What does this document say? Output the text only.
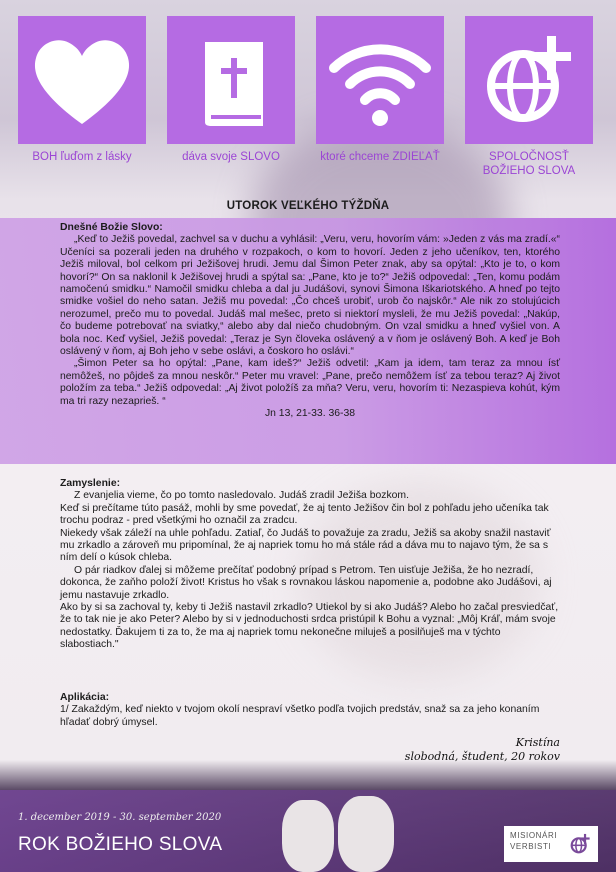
BOH ľuďom z lásky	dáva svoje SLOVO	ktoré chceme ZDIEĽAŤ	SPOLOČNOSŤ
BOŽIEHO SLOVA
UTOROK VEĽKÉHO TÝŽDŇA

Dnešné Božie Slovo:

„Keď to Ježiš povedal, zachvel sa v duchu a vyhlásil: „Veru, veru, hovorím vám: »Jeden z vás ma zradí.«“ Učeníci sa pozerali jeden na druhého v rozpakoch, o kom to hovorí. Jeden z jeho učeníkov, ten, ktorého Ježiš miloval, bol celkom pri Ježišovej hrudi. Jemu dal Šimon Peter znak, aby sa opýtal: „Kto je to, o kom hovorí?“ On sa naklonil k Ježišovej hrudi a spýtal sa: „Pane, kto je to?“ Ježiš odpovedal: „Ten, komu podám namočenú smidku.“ Namočil smidku chleba a dal ju Judášovi, synovi Šimona Iškariotského. A hneď po tejto smidke vošiel do neho satan. Ježiš mu povedal: „Čo chceš urobiť, urob čo najskôr.“ Ale nik zo stolujúcich nerozumel, prečo mu to povedal. Judáš mal mešec, preto si niektorí mysleli, že mu Ježiš povedal: „Nakúp, čo budeme potrebovať na sviatky,“ alebo aby dal niečo chudobným. On vzal smidku a hneď vyšiel von. A bola noc. Keď vyšiel, Ježiš povedal: „Teraz je Syn človeka oslávený a v ňom je oslávený Boh. A keď je Boh oslávený v ňom, aj Boh jeho v sebe oslávi, a čoskoro ho oslávi.“

„Šimon Peter sa ho opýtal: „Pane, kam ideš?“ Ježiš odvetil: „Kam ja idem, tam teraz za mnou ísť nemôžeš, no pôjdeš za mnou neskôr.“ Peter mu vravel: „Pane, prečo nemôžem ísť za tebou teraz? Aj život položím za teba.“ Ježiš odpovedal: „Aj život položíš za mňa? Veru, veru, hovorím ti: Nezaspieva kohút, kým ma tri razy nezaprieš. “

Jn 13, 21-33. 36-38

Zamyslenie:

Z evanjelia vieme, čo po tomto nasledovalo. Judáš zradil Ježiša bozkom.

Keď si prečítame túto pasáž, mohli by sme povedať, že aj tento Ježišov čin bol z pohľadu jeho učeníka tak trochu podraz - pred všetkými ho označil za zradcu.

Niekedy však záleží na uhle pohľadu. Zatiaľ, čo Judáš to považuje za zradu, Ježiš sa akoby snažil nastaviť mu zrkadlo a zároveň mu pripomínal, že aj napriek tomu ho má stále rád a dáva mu to najavo tým, že sa s ním delí o kúsok chleba.

O pár riadkov ďalej si môžeme prečítať podobný prípad s Petrom. Ten uisťuje Ježiša, že ho nezradí, dokonca, že zaňho položí život! Kristus ho však s rovnakou láskou napomenie a, podobne ako Judášovi, aj jemu nastavuje zrkadlo.

Ako by si sa zachoval ty, keby ti Ježiš nastavil zrkadlo? Utiekol by si ako Judáš? Alebo ho začal presviedčať, že to tak nie je ako Peter? Alebo by si v jednoduchosti srdca pristúpil k Bohu a vyznal: „Môj Kráľ, mám svoje nedostatky. Ďakujem ti za to, že ma aj napriek tomu nekonečne miluješ a posilňuješ ma v týchto slabostiach."

Aplikácia:

1/ Zakaždým, keď niekto v tvojom okolí nespraví všetko podľa tvojich predstáv, snaž sa za jeho konaním hľadať dobrý úmysel.

Kristína
slobodná, študent, 20 rokov
1. december 2019 - 30. september 2020
ROK BOŽIEHO SLOVA	MISIONÁRI
VERBISTI
